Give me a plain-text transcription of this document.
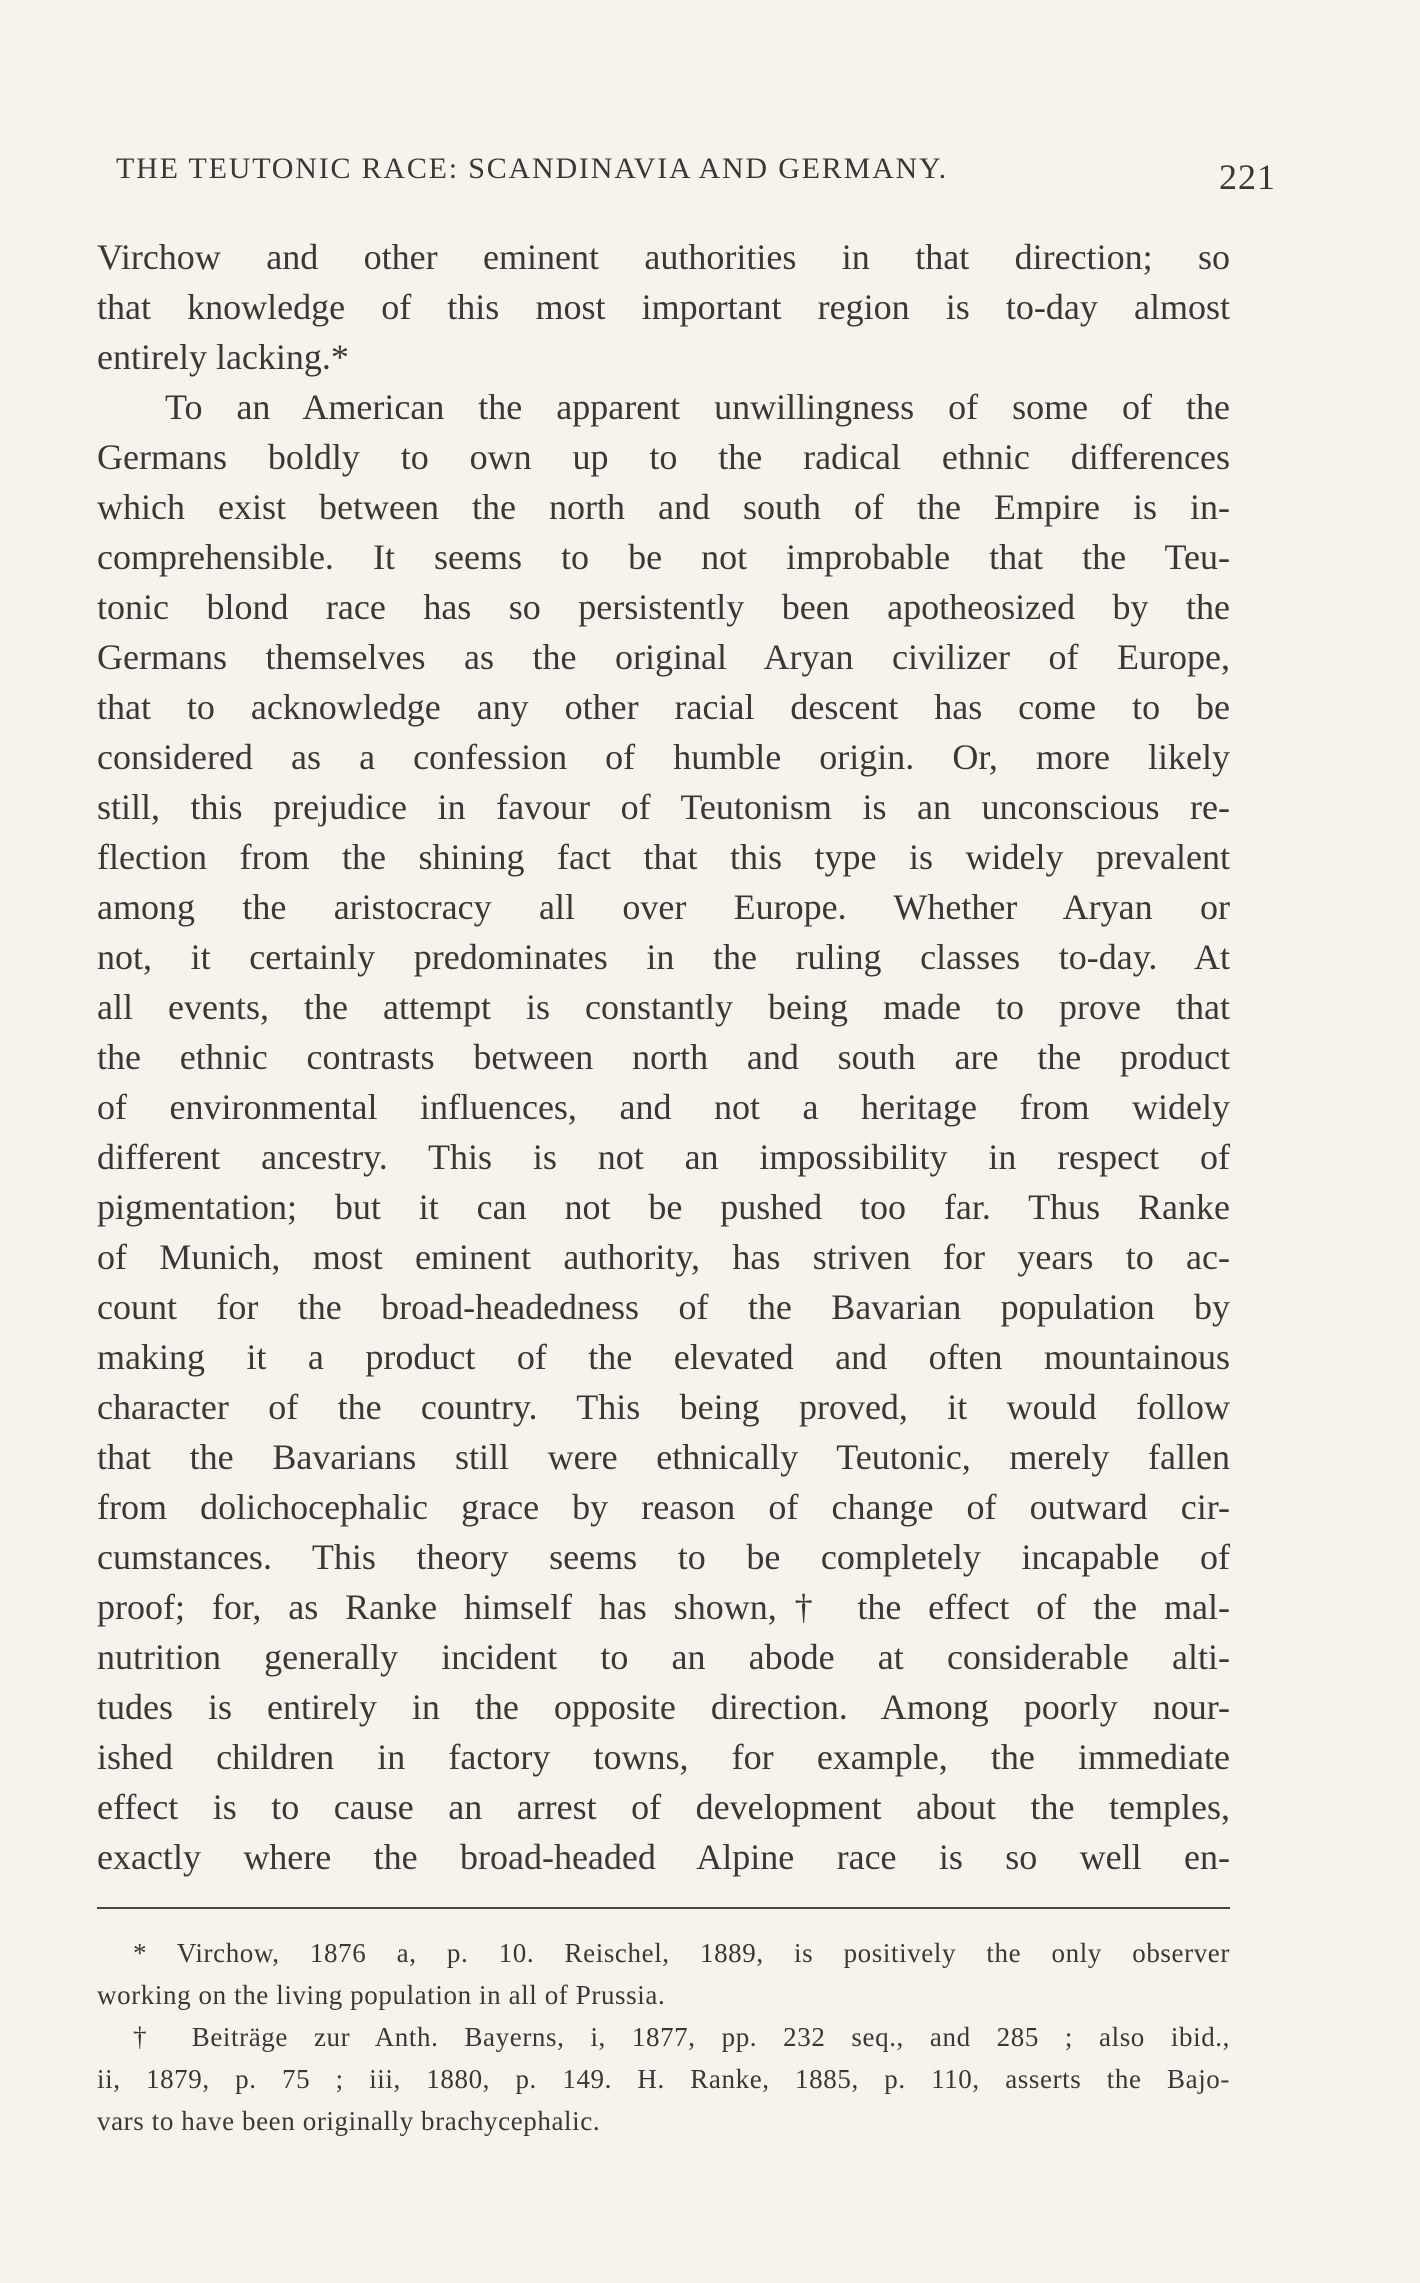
THE TEUTONIC RACE: SCANDINAVIA AND GERMANY.	221
Virchow and other eminent authorities in that direction; so
that knowledge of this most important region is to-day almost
entirely lacking.*
To an American the apparent unwillingness of some of the
Germans boldly to own up to the radical ethnic differences
which exist between the north and south of the Empire is in-
comprehensible. It seems to be not improbable that the Teu-
tonic blond race has so persistently been apotheosized by the
Germans themselves as the original Aryan civilizer of Europe,
that to acknowledge any other racial descent has come to be
considered as a confession of humble origin. Or, more likely
still, this prejudice in favour of Teutonism is an unconscious re-
flection from the shining fact that this type is widely prevalent
among the aristocracy all over Europe. Whether Aryan or
not, it certainly predominates in the ruling classes to-day. At
all events, the attempt is constantly being made to prove that
the ethnic contrasts between north and south are the product
of environmental influences, and not a heritage from widely
different ancestry. This is not an impossibility in respect of
pigmentation; but it can not be pushed too far. Thus Ranke
of Munich, most eminent authority, has striven for years to ac-
count for the broad-headedness of the Bavarian population by
making it a product of the elevated and often mountainous
character of the country. This being proved, it would follow
that the Bavarians still were ethnically Teutonic, merely fallen
from dolichocephalic grace by reason of change of outward cir-
cumstances. This theory seems to be completely incapable of
proof; for, as Ranke himself has shown,† the effect of the mal-
nutrition generally incident to an abode at considerable alti-
tudes is entirely in the opposite direction. Among poorly nour-
ished children in factory towns, for example, the immediate
effect is to cause an arrest of development about the temples,
exactly where the broad-headed Alpine race is so well en-
* Virchow, 1876 a, p. 10. Reischel, 1889, is positively the only observer
working on the living population in all of Prussia.
† Beiträge zur Anth. Bayerns, i, 1877, pp. 232 seq., and 285 ; also ibid.,
ii, 1879, p. 75 ; iii, 1880, p. 149. H. Ranke, 1885, p. 110, asserts the Bajo-
vars to have been originally brachycephalic.
